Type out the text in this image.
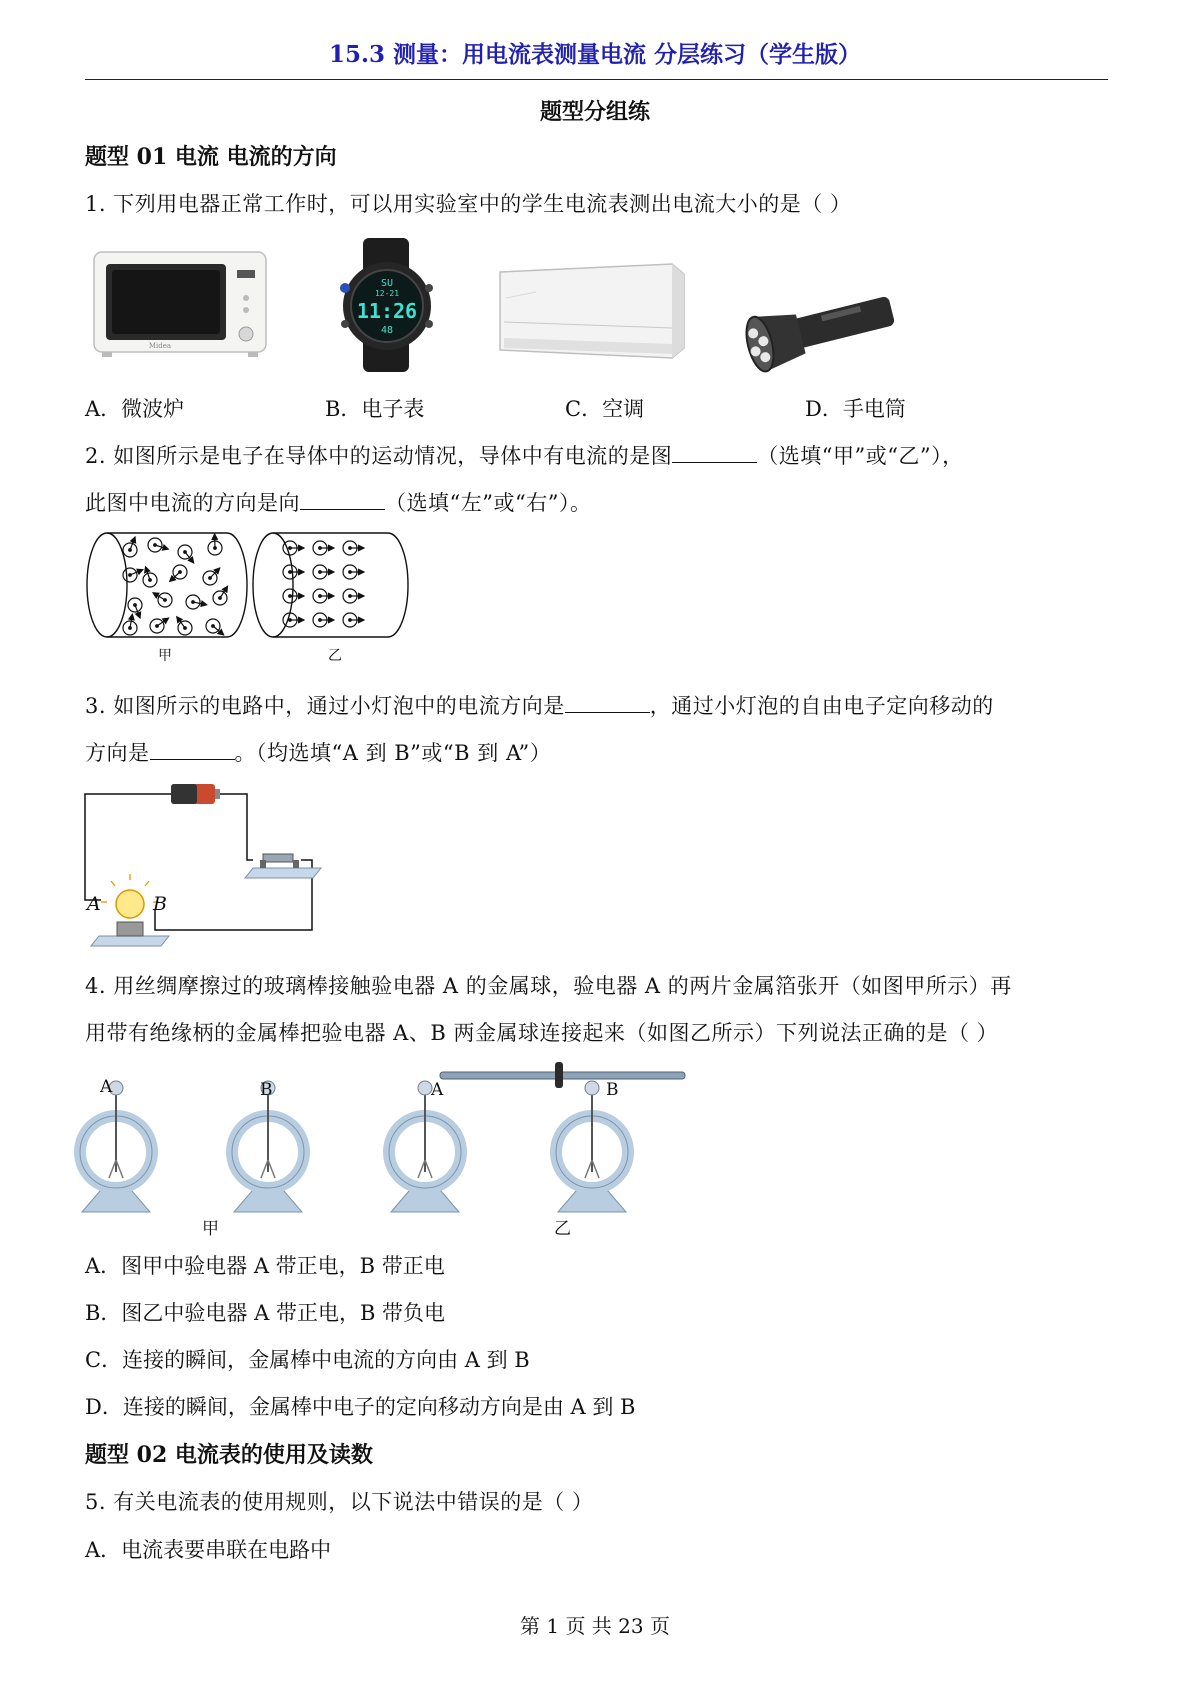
15.3 测量：用电流表测量电流 分层练习（学生版）
题型分组练
题型 01 电流 电流的方向
1. 下列用电器正常工作时，可以用实验室中的学生电流表测出电流大小的是（ ）
Midea
SU
12-21
11:26
48
A．微波炉	B．电子表	C．空调	D．手电筒
2. 如图所示是电子在导体中的运动情况，导体中有电流的是图	（选填“甲”或“乙”），
此图中电流的方向是向	（选填“左”或“右”）。
甲	乙
3. 如图所示的电路中，通过小灯泡中的电流方向是	，通过小灯泡的自由电子定向移动的
方向是	。（均选填“A 到 B”或“B 到 A”）
A	B
4. 用丝绸摩擦过的玻璃棒接触验电器 A 的金属球，验电器 A 的两片金属箔张开（如图甲所示）再
用带有绝缘柄的金属棒把验电器 A、B 两金属球连接起来（如图乙所示）下列说法正确的是（ ）
A	B	A	B
甲	乙
A．图甲中验电器 A 带正电，B 带正电
B．图乙中验电器 A 带正电，B 带负电
C．连接的瞬间，金属棒中电流的方向由 A 到 B
D．连接的瞬间，金属棒中电子的定向移动方向是由 A 到 B
题型 02 电流表的使用及读数
5. 有关电流表的使用规则，以下说法中错误的是（ ）
A．电流表要串联在电路中
第 1 页 共 23 页
